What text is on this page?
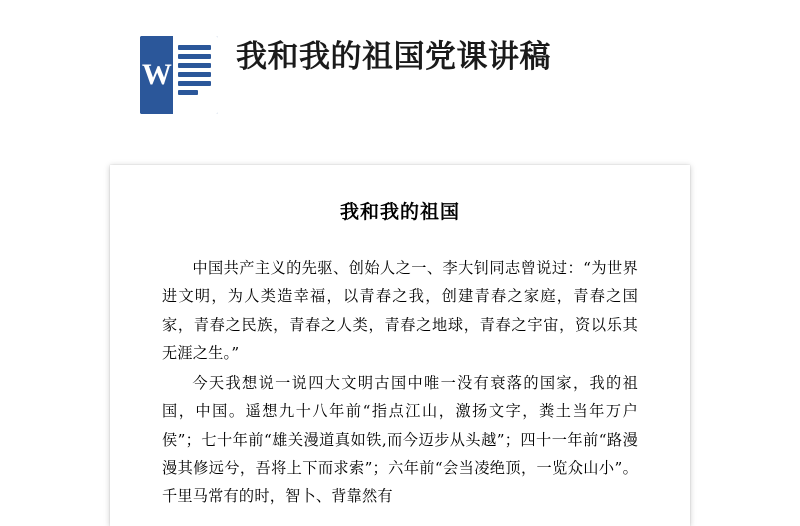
W 我和我的祖国党课讲稿
我和我的祖国

中国共产主义的先驱、创始人之一、李大钊同志曾说过：“为世界进文明，为人类造幸福，以青春之我，创建青春之家庭，青春之国家，青春之民族，青春之人类，青春之地球，青春之宇宙，资以乐其无涯之生。”

今天我想说一说四大文明古国中唯一没有衰落的国家，我的祖国，中国。遥想九十八年前“指点江山，激扬文字，粪土当年万户侯”；七十年前“雄关漫道真如铁,而今迈步从头越”；四十一年前“路漫漫其修远兮，吾将上下而求索”；六年前“会当凌绝顶，一览众山小”。千里马常有的时，智卜、背靠然有
